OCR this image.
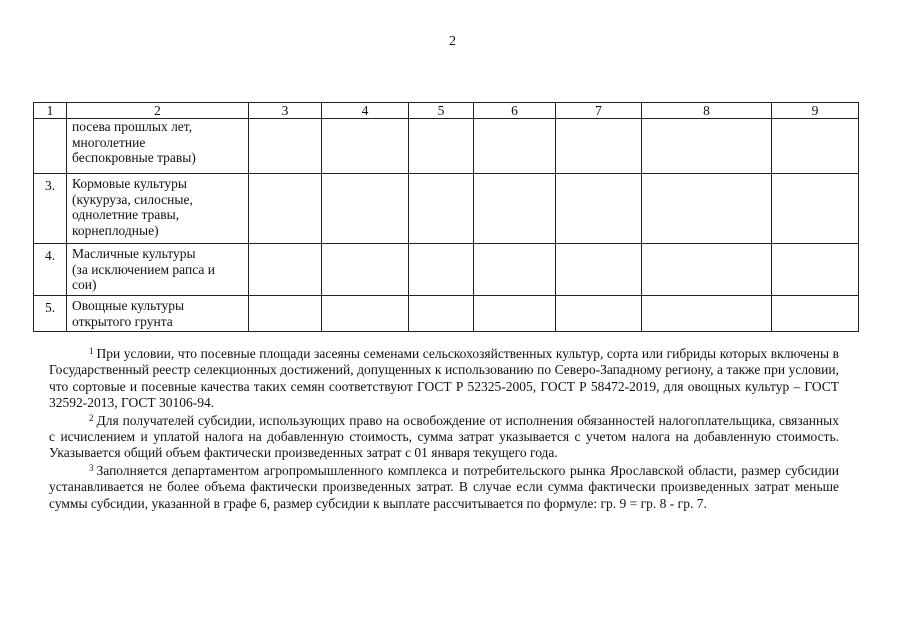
2
1	2	3	4	5	6	7	8	9

	посева прошлых лет,
многолетние
беспокровные травы)							

3.	Кормовые культуры
(кукуруза, силосные,
однолетние травы,
корнеплодные)							

4.	Масличные культуры
(за исключением рапса и
сои)							

5.	Овощные культуры
открытого грунта							

$^1$ При условии, что посевные площади засеяны семенами сельскохозяйственных культур, сорта или гибриды которых включены в Государственный реестр селекционных достижений, допущенных к использованию по Северо-Западному региону, а также при условии, что сортовые и посевные качества таких семян соответствуют ГОСТ Р 52325-2005, ГОСТ Р 58472-2019, для овощных культур – ГОСТ 32592-2013, ГОСТ 30106-94.

$^2$ Для получателей субсидии, использующих право на освобождение от исполнения обязанностей налогоплательщика, связанных с исчислением и уплатой налога на добавленную стоимость, сумма затрат указывается с учетом налога на добавленную стоимость. Указывается общий объем фактически произведенных затрат с 01 января текущего года.

$^3$ Заполняется департаментом агропромышленного комплекса и потребительского рынка Ярославской области, размер субсидии устанавливается не более объема фактически произведенных затрат. В случае если сумма фактически произведенных затрат меньше суммы субсидии, указанной в графе 6, размер субсидии к выплате рассчитывается по формуле: гр. 9 = гр. 8 - гр. 7.
